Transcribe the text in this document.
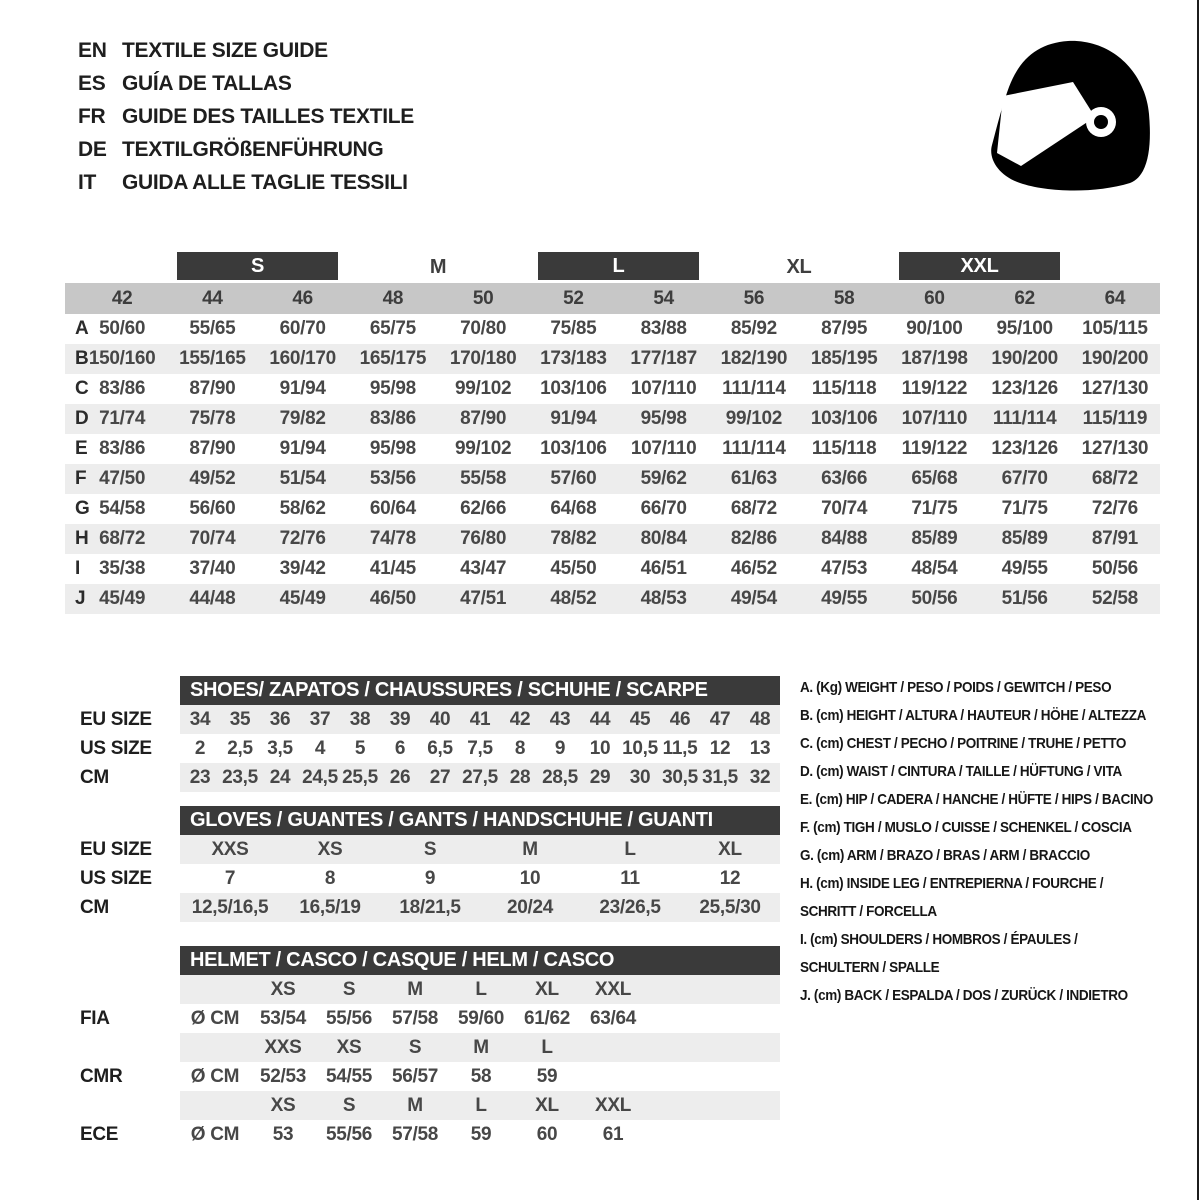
EN TEXTILE SIZE GUIDE
ES GUÍA DE TALLAS
FR GUIDE DES TAILLES TEXTILE
DE TEXTILGRÖßENFÜHRUNG
IT	GUIDA ALLE TAGLIE TESSILI
S	M	L	XL	XXL
42	44	46	48	50	52	54	56	58	60	62	64
A 50/60	55/65	60/70	65/75	70/80	75/85	83/88	85/92	87/95	90/100	95/100	105/115
B 150/160	155/165	160/170	165/175	170/180	173/183	177/187	182/190	185/195	187/198	190/200	190/200
C 83/86	87/90	91/94	95/98	99/102	103/106	107/110	111/114	115/118	119/122	123/126	127/130
D 71/74	75/78	79/82	83/86	87/90	91/94	95/98	99/102	103/106	107/110	111/114	115/119
E 83/86	87/90	91/94	95/98	99/102	103/106	107/110	111/114	115/118	119/122	123/126	127/130
F 47/50	49/52	51/54	53/56	55/58	57/60	59/62	61/63	63/66	65/68	67/70	68/72
G 54/58	56/60	58/62	60/64	62/66	64/68	66/70	68/72	70/74	71/75	71/75	72/76
H 68/72	70/74	72/76	74/78	76/80	78/82	80/84	82/86	84/88	85/89	85/89	87/91
I	35/38	37/40	39/42	41/45	43/47	45/50	46/51	46/52	47/53	48/54	49/55	50/56
J 45/49	44/48	45/49	46/50	47/51	48/52	48/53	49/54	49/55	50/56	51/56	52/58
SHOES/ ZAPATOS / CHAUSSURES / SCHUHE / SCARPE
34	35	36	37	38	39	40	41	42	43	44	45	46	47	48
EU SIZE
2	2,5 3,5	4	5	6	6,5 7,5	8	9	10 10,5 11,5 12	13
US SIZE
23 23,5 24 24,5 25,5 26	27 27,5 28 28,5 29	30 30,5 31,5 32
CM
GLOVES / GUANTES / GANTS / HANDSCHUHE / GUANTI
XXS	XS	S	M	L	XL
EU SIZE
7	8	9	10	11	12
US SIZE
12,5/16,5	16,5/19	18/21,5	20/24	23/26,5	25,5/30
CM
HELMET / CASCO / CASQUE / HELM / CASCO
XS	S	M	L	XL	XXL
Ø CM	53/54	55/56	57/58	59/60	61/62	63/64
FIA
XXS	XS	S	M	L
Ø CM	52/53	54/55	56/57	58	59
CMR
XS	S	M	L	XL	XXL
Ø CM	53	55/56	57/58	59	60	61
ECE
A. (Kg) WEIGHT / PESO / POIDS / GEWITCH / PESO
B. (cm) HEIGHT / ALTURA / HAUTEUR / HÖHE / ALTEZZA
C. (cm) CHEST / PECHO / POITRINE / TRUHE / PETTO
D. (cm) WAIST / CINTURA / TAILLE / HÜFTUNG / VITA
E. (cm) HIP / CADERA / HANCHE / HÜFTE / HIPS / BACINO
F. (cm) TIGH / MUSLO / CUISSE / SCHENKEL / COSCIA
G. (cm) ARM / BRAZO / BRAS / ARM / BRACCIO
H. (cm) INSIDE LEG / ENTREPIERNA / FOURCHE /
SCHRITT / FORCELLA
I. (cm) SHOULDERS / HOMBROS / ÉPAULES /
SCHULTERN / SPALLE
J. (cm) BACK / ESPALDA / DOS / ZURÜCK / INDIETRO
